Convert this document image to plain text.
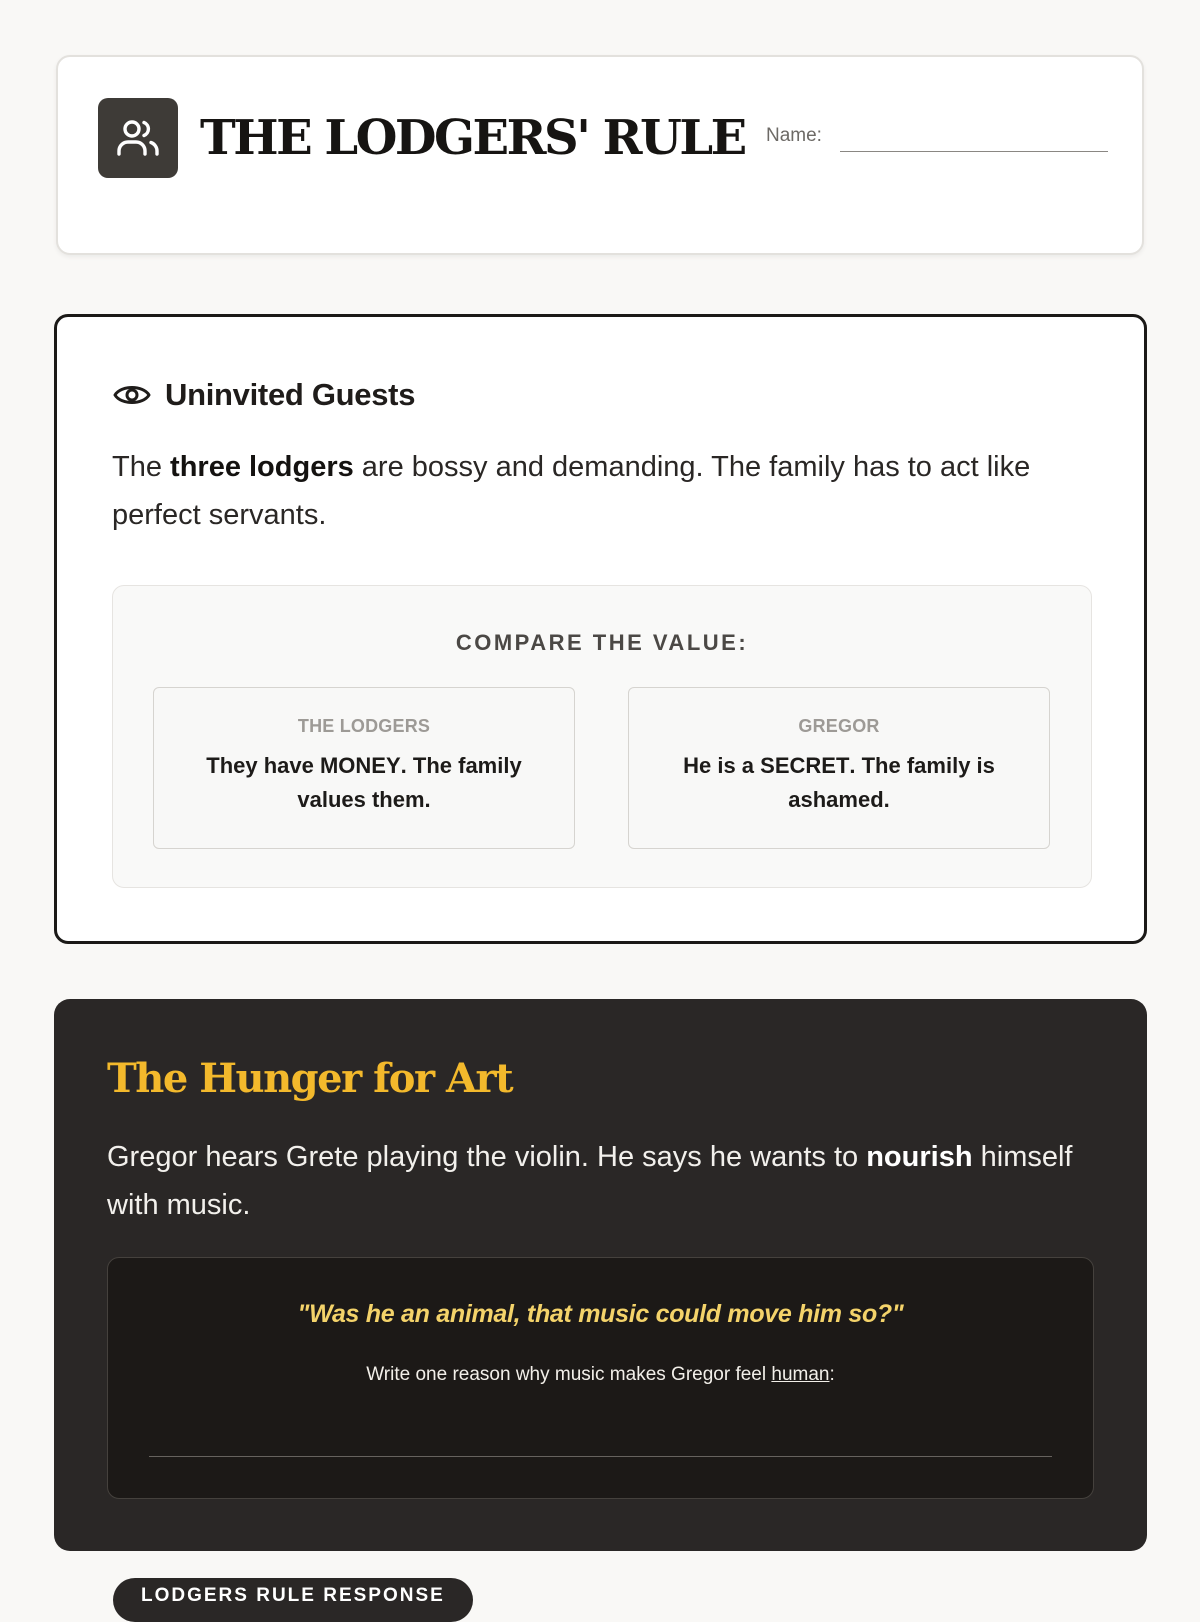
THE LODGERS' RULE Name:
Uninvited Guests

The three lodgers are bossy and demanding. The family has to act like perfect servants.

COMPARE THE VALUE:
THE LODGERS
They have MONEY. The family values them.
GREGOR
He is a SECRET. The family is ashamed.
The Hunger for Art

Gregor hears Grete playing the violin. He says he wants to nourish himself with music.

"Was he an animal, that music could move him so?"
Write one reason why music makes Gregor feel human:
LODGERS RULE RESPONSE
